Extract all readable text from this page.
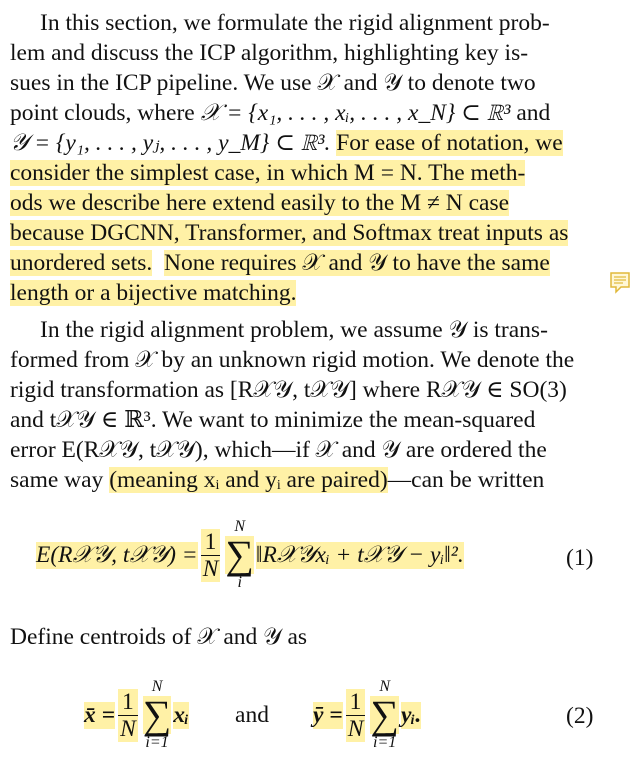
In this section, we formulate the rigid alignment prob-
lem and discuss the ICP algorithm, highlighting key is-
sues in the ICP pipeline. We use 𝒳 and 𝒴 to denote two
point clouds, where 𝒳 = {x₁, . . . , xᵢ, . . . , x_N} ⊂ ℝ³ and
𝒴 = {y₁, . . . , yⱼ, . . . , y_M} ⊂ ℝ³. For ease of notation, we
consider the simplest case, in which M = N. The meth-
ods we describe here extend easily to the M ≠ N case
because DGCNN, Transformer, and Softmax treat inputs as
unordered sets. None requires 𝒳 and 𝒴 to have the same
length or a bijective matching.
In the rigid alignment problem, we assume 𝒴 is trans-
formed from 𝒳 by an unknown rigid motion. We denote the
rigid transformation as [R𝒳𝒴, t𝒳𝒴] where R𝒳𝒴 ∈ SO(3)
and t𝒳𝒴 ∈ ℝ³. We want to minimize the mean-squared
error E(R𝒳𝒴, t𝒳𝒴), which—if 𝒳 and 𝒴 are ordered the
same way (meaning xᵢ and yᵢ are paired)—can be written
E(R𝒳𝒴, t𝒳𝒴) = $\frac{1}{N}$
N
∑
i
‖R𝒳𝒴xᵢ + t𝒳𝒴 − yᵢ‖².	(1)
Define centroids of 𝒳 and 𝒴 as
x̄ = $\frac{1}{N}$
N
∑
i=1
xᵢ and ȳ = $\frac{1}{N}$
N
∑
i=1
yᵢ.	(2)
